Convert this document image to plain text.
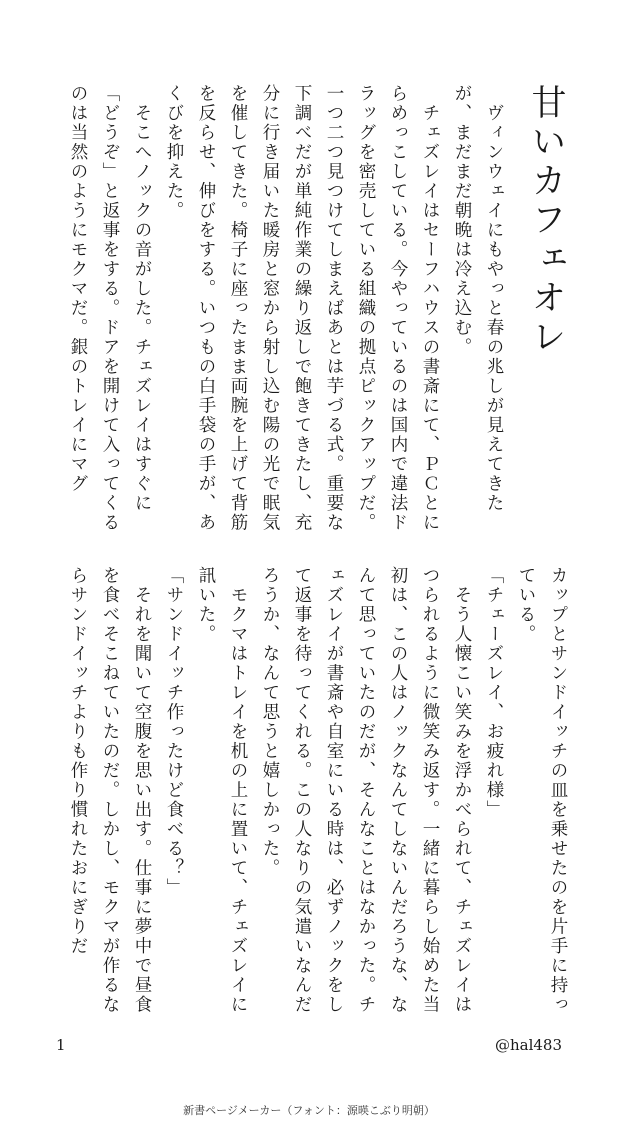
甘いカフェオレ

　ヴィンウェイにもやっと春の兆しが見えてきたが、まだまだ朝晩は冷え込む。

　チェズレイはセーフハウスの書斎にて、ＰＣとにらめっこしている。今やっているのは国内で違法ドラッグを密売している組織の拠点ピックアップだ。一つ二つ見つけてしまえばあとは芋づる式。重要な下調べだが単純作業の繰り返しで飽きてきたし、充分に行き届いた暖房と窓から射し込む陽の光で眠気を催してきた。椅子に座ったまま両腕を上げて背筋を反らせ、伸びをする。いつもの白手袋の手が、あくびを抑えた。

　そこへノックの音がした。チェズレイはすぐに「どうぞ」と返事をする。ドアを開けて入ってくるのは当然のようにモクマだ。銀のトレイにマグ

カップとサンドイッチの皿を乗せたのを片手に持っている。

「チェーズレイ、お疲れ様」

　そう人懐こい笑みを浮かべられて、チェズレイはつられるように微笑み返す。一緒に暮らし始めた当初は、この人はノックなんてしないんだろうな、なんて思っていたのだが、そんなことはなかった。チェズレイが書斎や自室にいる時は、必ずノックをして返事を待ってくれる。この人なりの気遣いなんだろうか、なんて思うと嬉しかった。

　モクマはトレイを机の上に置いて、チェズレイに訊いた。

「サンドイッチ作ったけど食べる？」

　それを聞いて空腹を思い出す。仕事に夢中で昼食を食べそこねていたのだ。しかし、モクマが作るならサンドイッチよりも作り慣れたおにぎりだ

1	@hal483
新書ページメーカー（フォント：源暎こぶり明朝）
